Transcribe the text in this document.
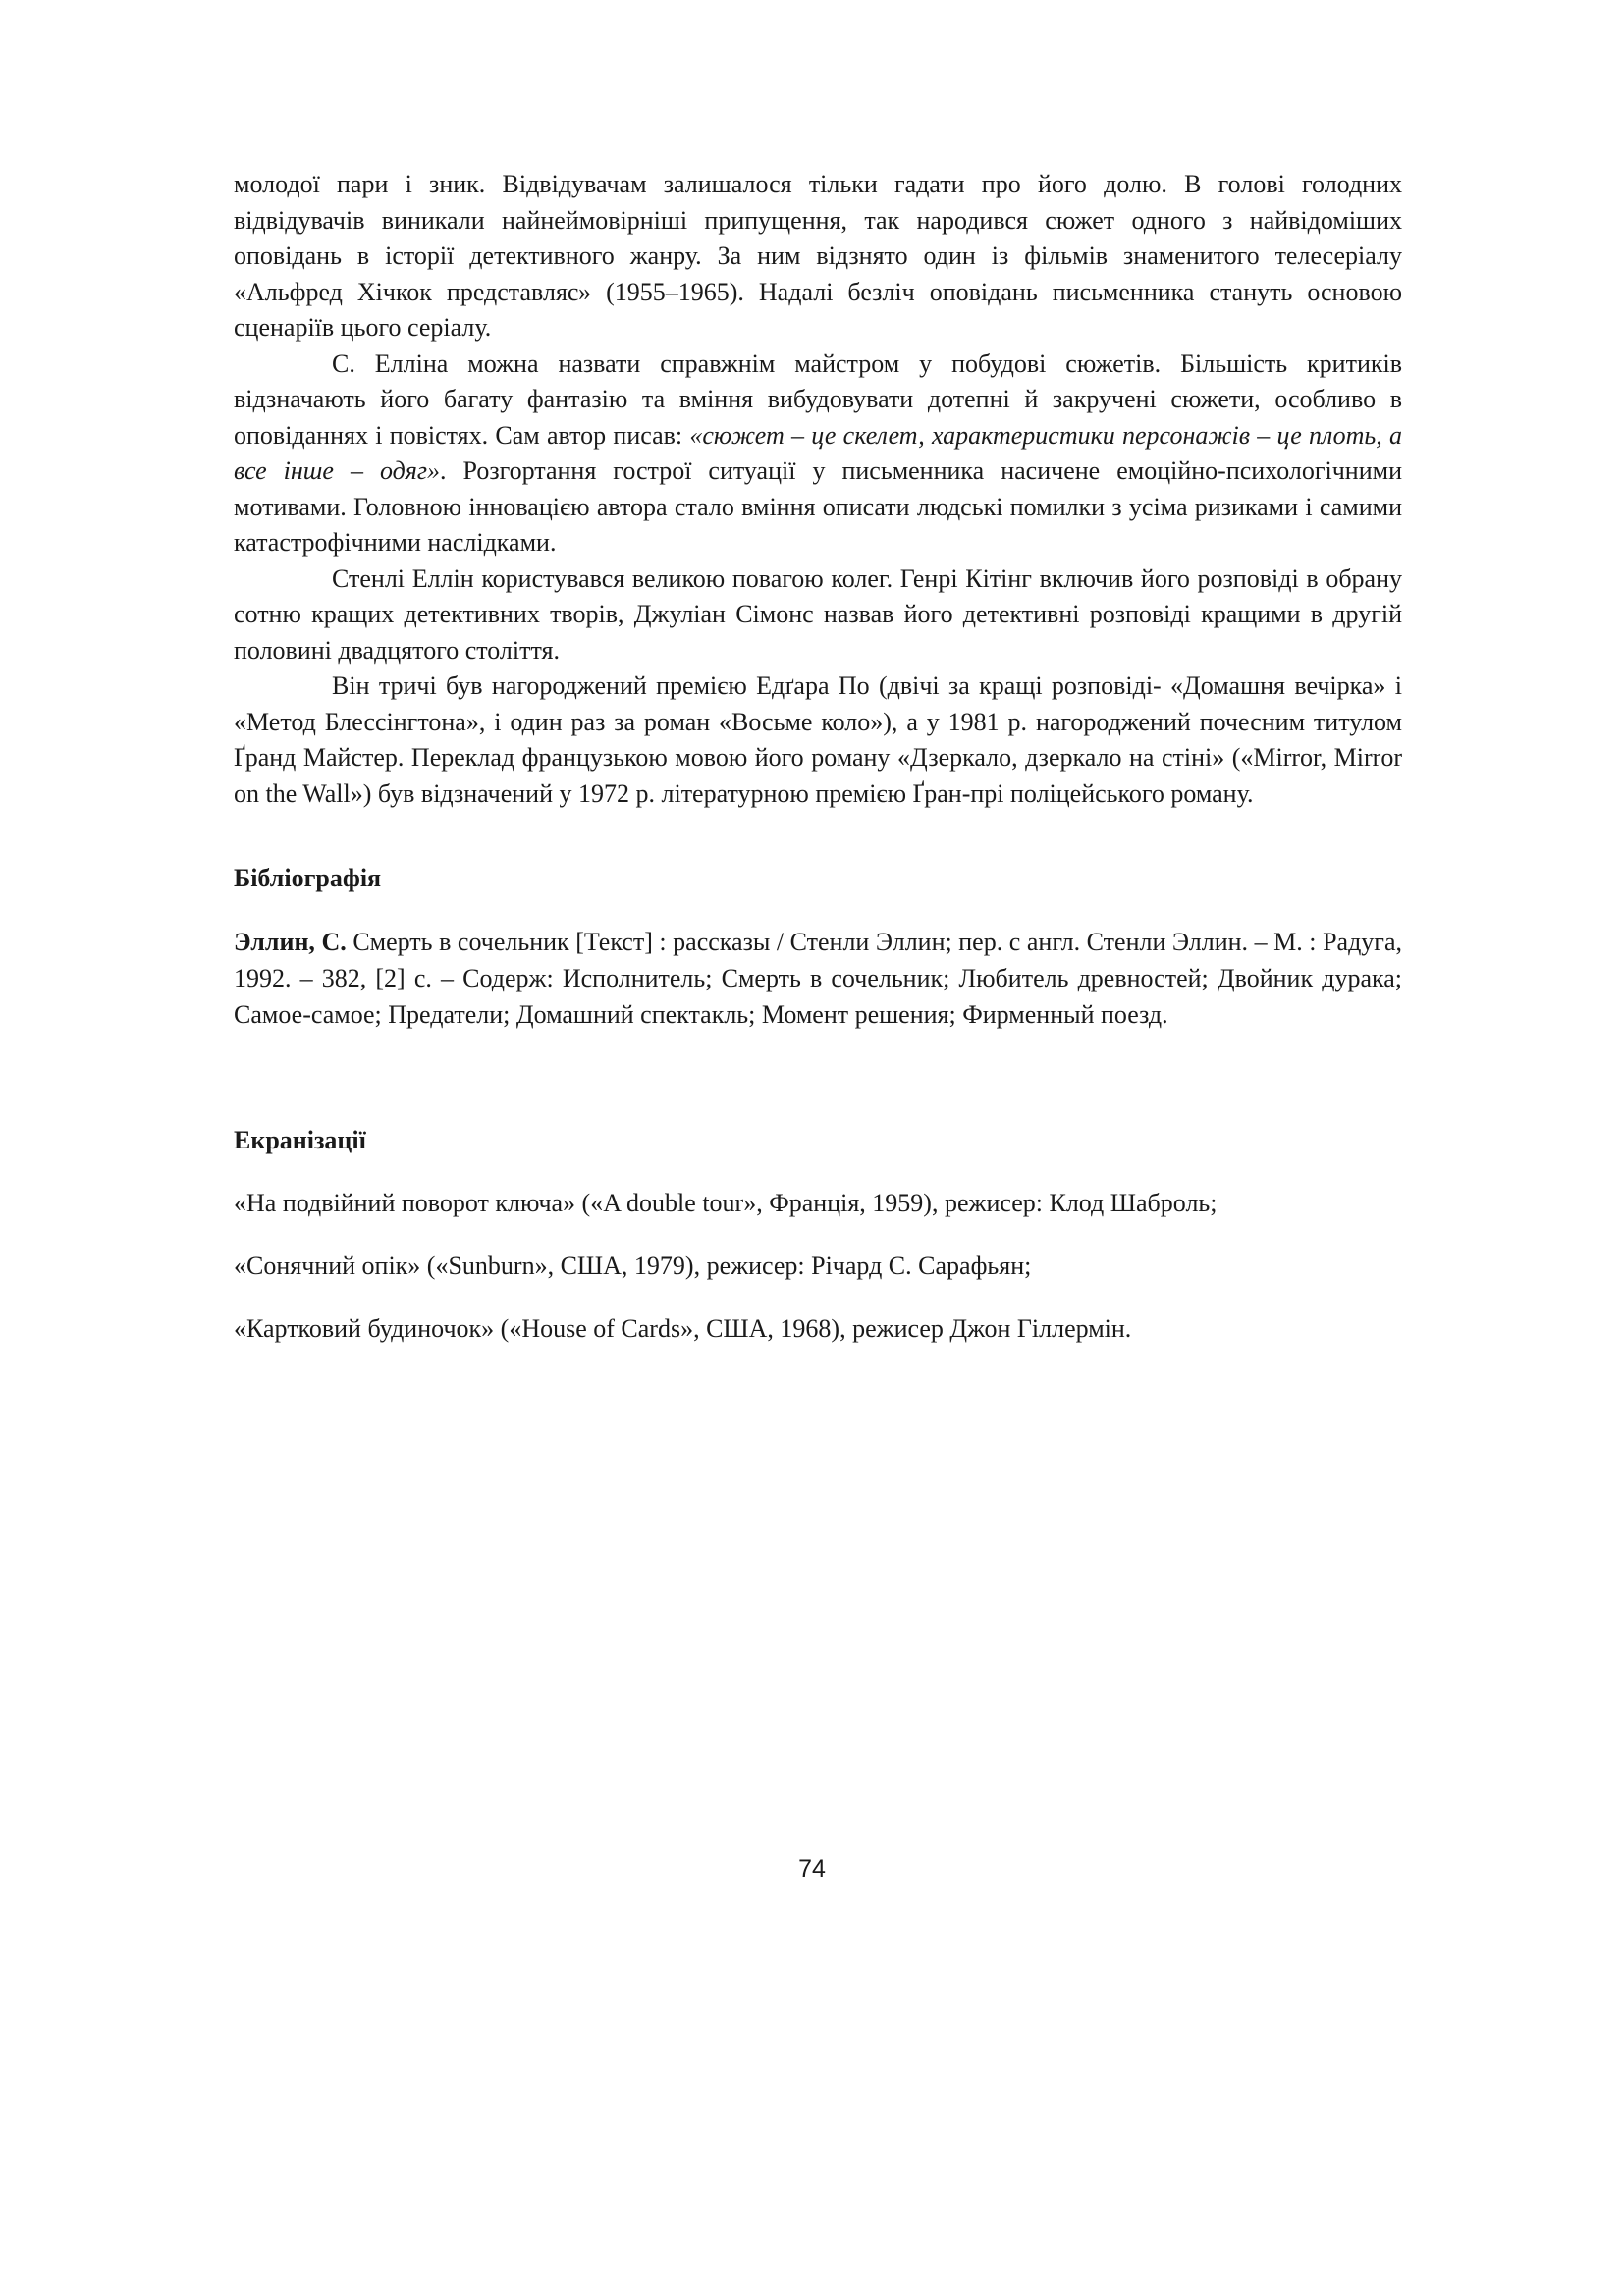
молодої пари і зник. Відвідувачам залишалося тільки гадати про його долю. В голові голодних відвідувачів виникали найнеймовірніші припущення, так народився сюжет одного з найвідоміших оповідань в історії детективного жанру. За ним відзнято один із фільмів знаменитого телесеріалу «Альфред Хічкок представляє» (1955–1965). Надалі безліч оповідань письменника стануть основою сценаріїв цього серіалу.

С. Елліна можна назвати справжнім майстром у побудові сюжетів. Більшість критиків відзначають його багату фантазію та вміння вибудовувати дотепні й закручені сюжети, особливо в оповіданнях і повістях. Сам автор писав: «сюжет – це скелет, характеристики персонажів – це плоть, а все інше – одяг». Розгортання гострої ситуації у письменника насичене емоційно-психологічними мотивами. Головною інновацією автора стало вміння описати людські помилки з усіма ризиками і самими катастрофічними наслідками.

Стенлі Еллін користувався великою повагою колег. Генрі Кітінг включив його розповіді в обрану сотню кращих детективних творів, Джуліан Сімонс назвав його детективні розповіді кращими в другій половині двадцятого століття.

Він тричі був нагороджений премією Едґара По (двічі за кращі розповіді- «Домашня вечірка» і «Метод Блессінгтона», і один раз за роман «Восьме коло»), а у 1981 р. нагороджений почесним титулом Ґранд Майстер. Переклад французькою мовою його роману «Дзеркало, дзеркало на стіні» («Mirror, Mirror on the Wall») був відзначений у 1972 р. літературною премією Ґран-прі поліцейського роману.

Бібліографія

Эллин, С. Смерть в сочельник [Текст] : рассказы / Стенли Эллин; пер. с англ. Стенли Эллин. – М. : Радуга, 1992. – 382, [2] с. – Содерж: Исполнитель; Смерть в сочельник; Любитель древностей; Двойник дурака; Самое-самое; Предатели; Домашний спектакль; Момент решения; Фирменный поезд.

Екранізації

«На подвійний поворот ключа» («A double tour», Франція, 1959), режисер: Клод Шаброль;

«Сонячний опік» («Sunburn», США, 1979), режисер: Річард С. Сарафьян;

«Картковий будиночок» («House of Cards», США, 1968), режисер Джон Гіллермін.

74
